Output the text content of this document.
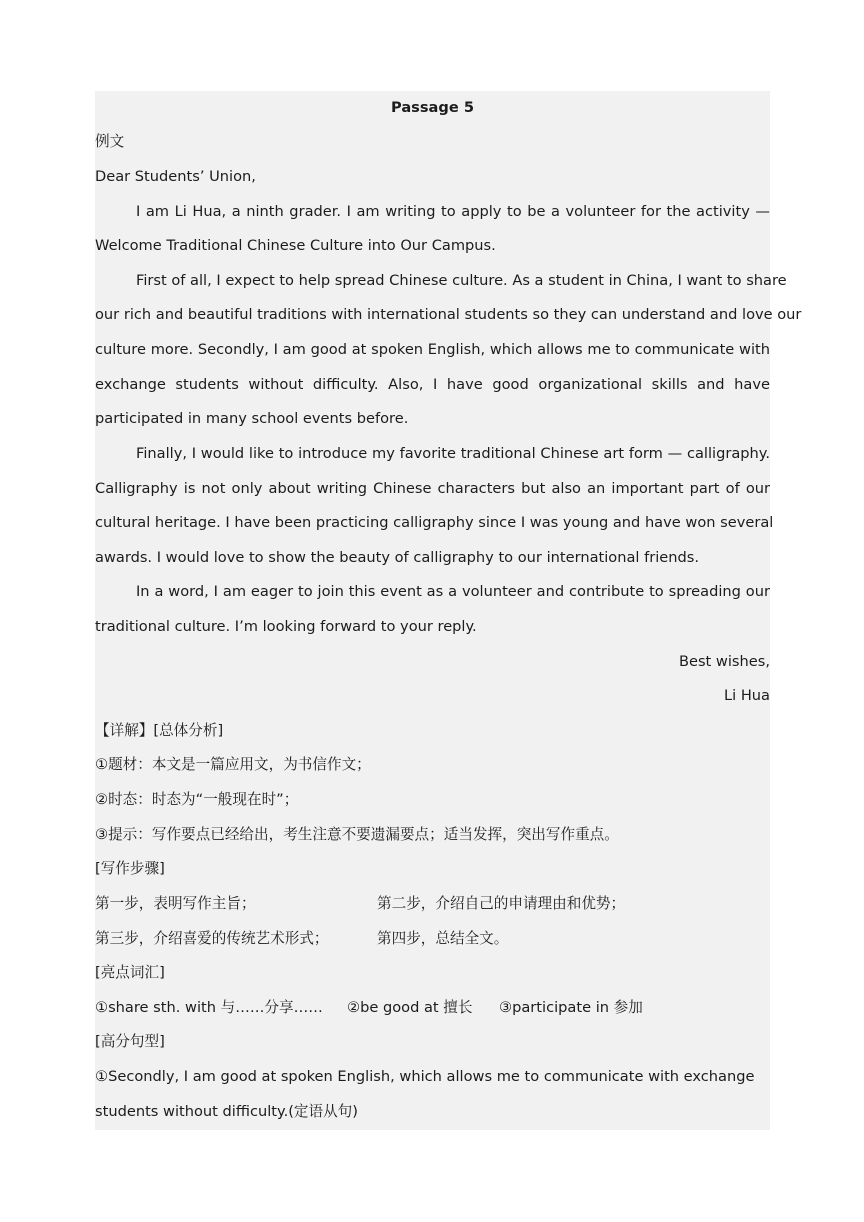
Passage 5
例文
Dear Students’ Union,
I am Li Hua, a ninth grader. I am writing to apply to be a volunteer for the activity —
Welcome Traditional Chinese Culture into Our Campus.
First of all, I expect to help spread Chinese culture. As a student in China, I want to share
our rich and beautiful traditions with international students so they can understand and love our
culture more. Secondly, I am good at spoken English, which allows me to communicate with
exchange students without difficulty. Also, I have good organizational skills and have
participated in many school events before.
Finally, I would like to introduce my favorite traditional Chinese art form — calligraphy.
Calligraphy is not only about writing Chinese characters but also an important part of our
cultural heritage. I have been practicing calligraphy since I was young and have won several
awards. I would love to show the beauty of calligraphy to our international friends.
In a word, I am eager to join this event as a volunteer and contribute to spreading our
traditional culture. I’m looking forward to your reply.
Best wishes,
Li Hua
【详解】[总体分析]
①题材：本文是一篇应用文，为书信作文；
②时态：时态为“一般现在时”；
③提示：写作要点已经给出，考生注意不要遗漏要点；适当发挥，突出写作重点。
[写作步骤]
第一步，表明写作主旨；	第二步，介绍自己的申请理由和优势；
第三步，介绍喜爱的传统艺术形式；	第四步，总结全文。
[亮点词汇]
①share sth. with 与……分享…… ②be good at 擅长 ③participate in 参加
[高分句型]
①Secondly, I am good at spoken English, which allows me to communicate with exchange
students without difficulty.(定语从句)
